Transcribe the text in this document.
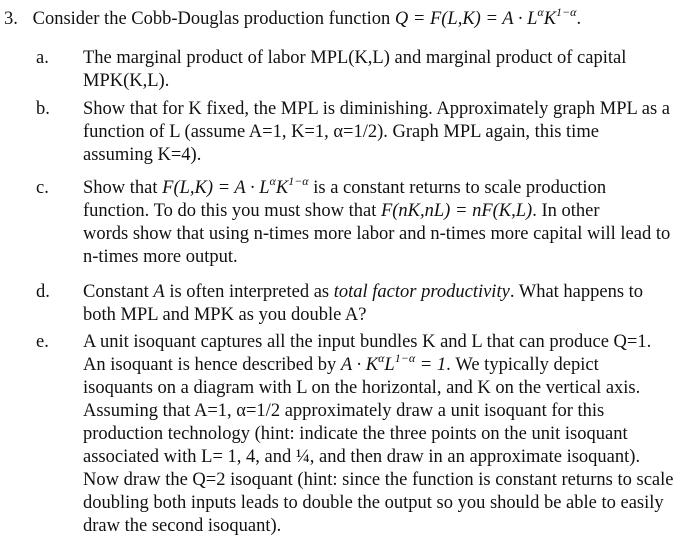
3. Consider the Cobb-Douglas production function $Q = F(L,K) = A \cdot L^\alpha K^{1-\alpha}$.
a.	The marginal product of labor MPL(K,L) and marginal product of capital
MPK(K,L).
b.	Show that for K fixed, the MPL is diminishing. Approximately graph MPL as a
function of L (assume A=1, K=1, α=1/2). Graph MPL again, this time
assuming K=4).
c.	Show that $F(L,K) = A \cdot L^\alpha K^{1-\alpha}$ is a constant returns to scale production
function. To do this you must show that F(nK,nL) = nF(K,L). In other
words show that using n-times more labor and n-times more capital will lead to
n-times more output.
d.	Constant A is often interpreted as total factor productivity. What happens to
both MPL and MPK as you double A?
e.	A unit isoquant captures all the input bundles K and L that can produce Q=1.
An isoquant is hence described by $A \cdot K^\alpha L^{1-\alpha} = 1$. We typically depict
isoquants on a diagram with L on the horizontal, and K on the vertical axis.
Assuming that A=1, α=1/2 approximately draw a unit isoquant for this
production technology (hint: indicate the three points on the unit isoquant
associated with L= 1, 4, and ¼, and then draw in an approximate isoquant).
Now draw the Q=2 isoquant (hint: since the function is constant returns to scale
doubling both inputs leads to double the output so you should be able to easily
draw the second isoquant).
